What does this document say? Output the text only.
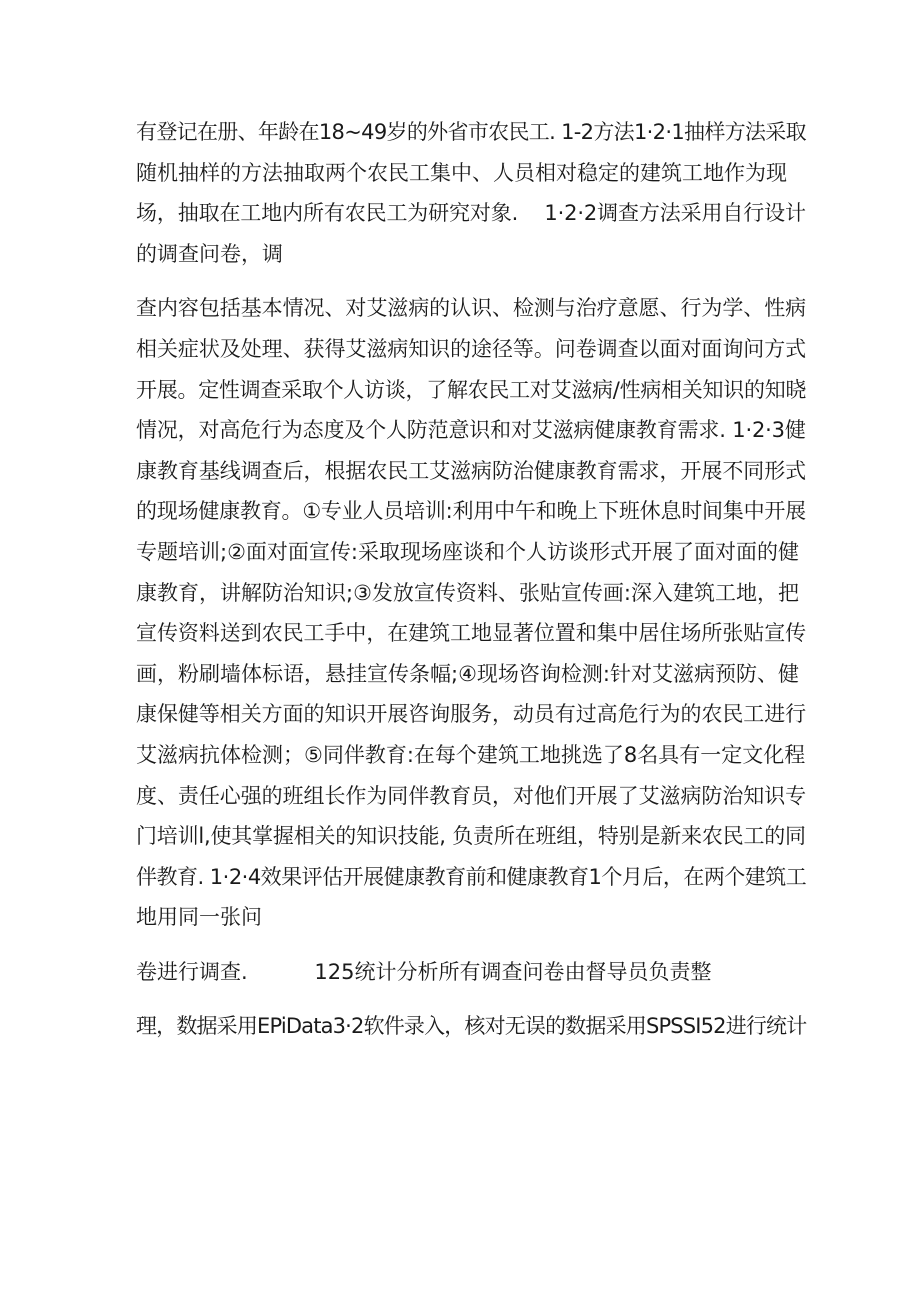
有登记在册、年龄在18~49岁的外省市农民工. 1-2方法1·2·1抽样方法采取
随机抽样的方法抽取两个农民工集中、人员相对稳定的建筑工地作为现
场，抽取在工地内所有农民工为研究对象.    1·2·2调查方法采用自行设计
的调查问卷，调
查内容包括基本情况、对艾滋病的认识、检测与治疗意愿、行为学、性病
相关症状及处理、获得艾滋病知识的途径等。问卷调查以面对面询问方式
开展。定性调查采取个人访谈，了解农民工对艾滋病/性病相关知识的知晓
情况，对高危行为态度及个人防范意识和对艾滋病健康教育需求. 1·2·3健
康教育基线调查后，根据农民工艾滋病防治健康教育需求，开展不同形式
的现场健康教育。①专业人员培训:利用中午和晚上下班休息时间集中开展
专题培训;②面对面宣传:采取现场座谈和个人访谈形式开展了面对面的健
康教育，讲解防治知识;③发放宣传资料、张贴宣传画:深入建筑工地，把
宣传资料送到农民工手中，在建筑工地显著位置和集中居住场所张贴宣传
画，粉刷墙体标语，悬挂宣传条幅;④现场咨询检测:针对艾滋病预防、健
康保健等相关方面的知识开展咨询服务，动员有过高危行为的农民工进行
艾滋病抗体检测；⑤同伴教育:在每个建筑工地挑选了8名具有一定文化程
度、责任心强的班组长作为同伴教育员，对他们开展了艾滋病防治知识专
门培训l,使其掌握相关的知识技能, 负责所在班组，特别是新来农民工的同
伴教育. 1·2·4效果评估开展健康教育前和健康教育1个月后，在两个建筑工
地用同一张问
卷进行调查.          125统计分析所有调查问卷由督导员负责整
理，数据采用EPiData3·2软件录入，核对无误的数据采用SPSSI52进行统计
